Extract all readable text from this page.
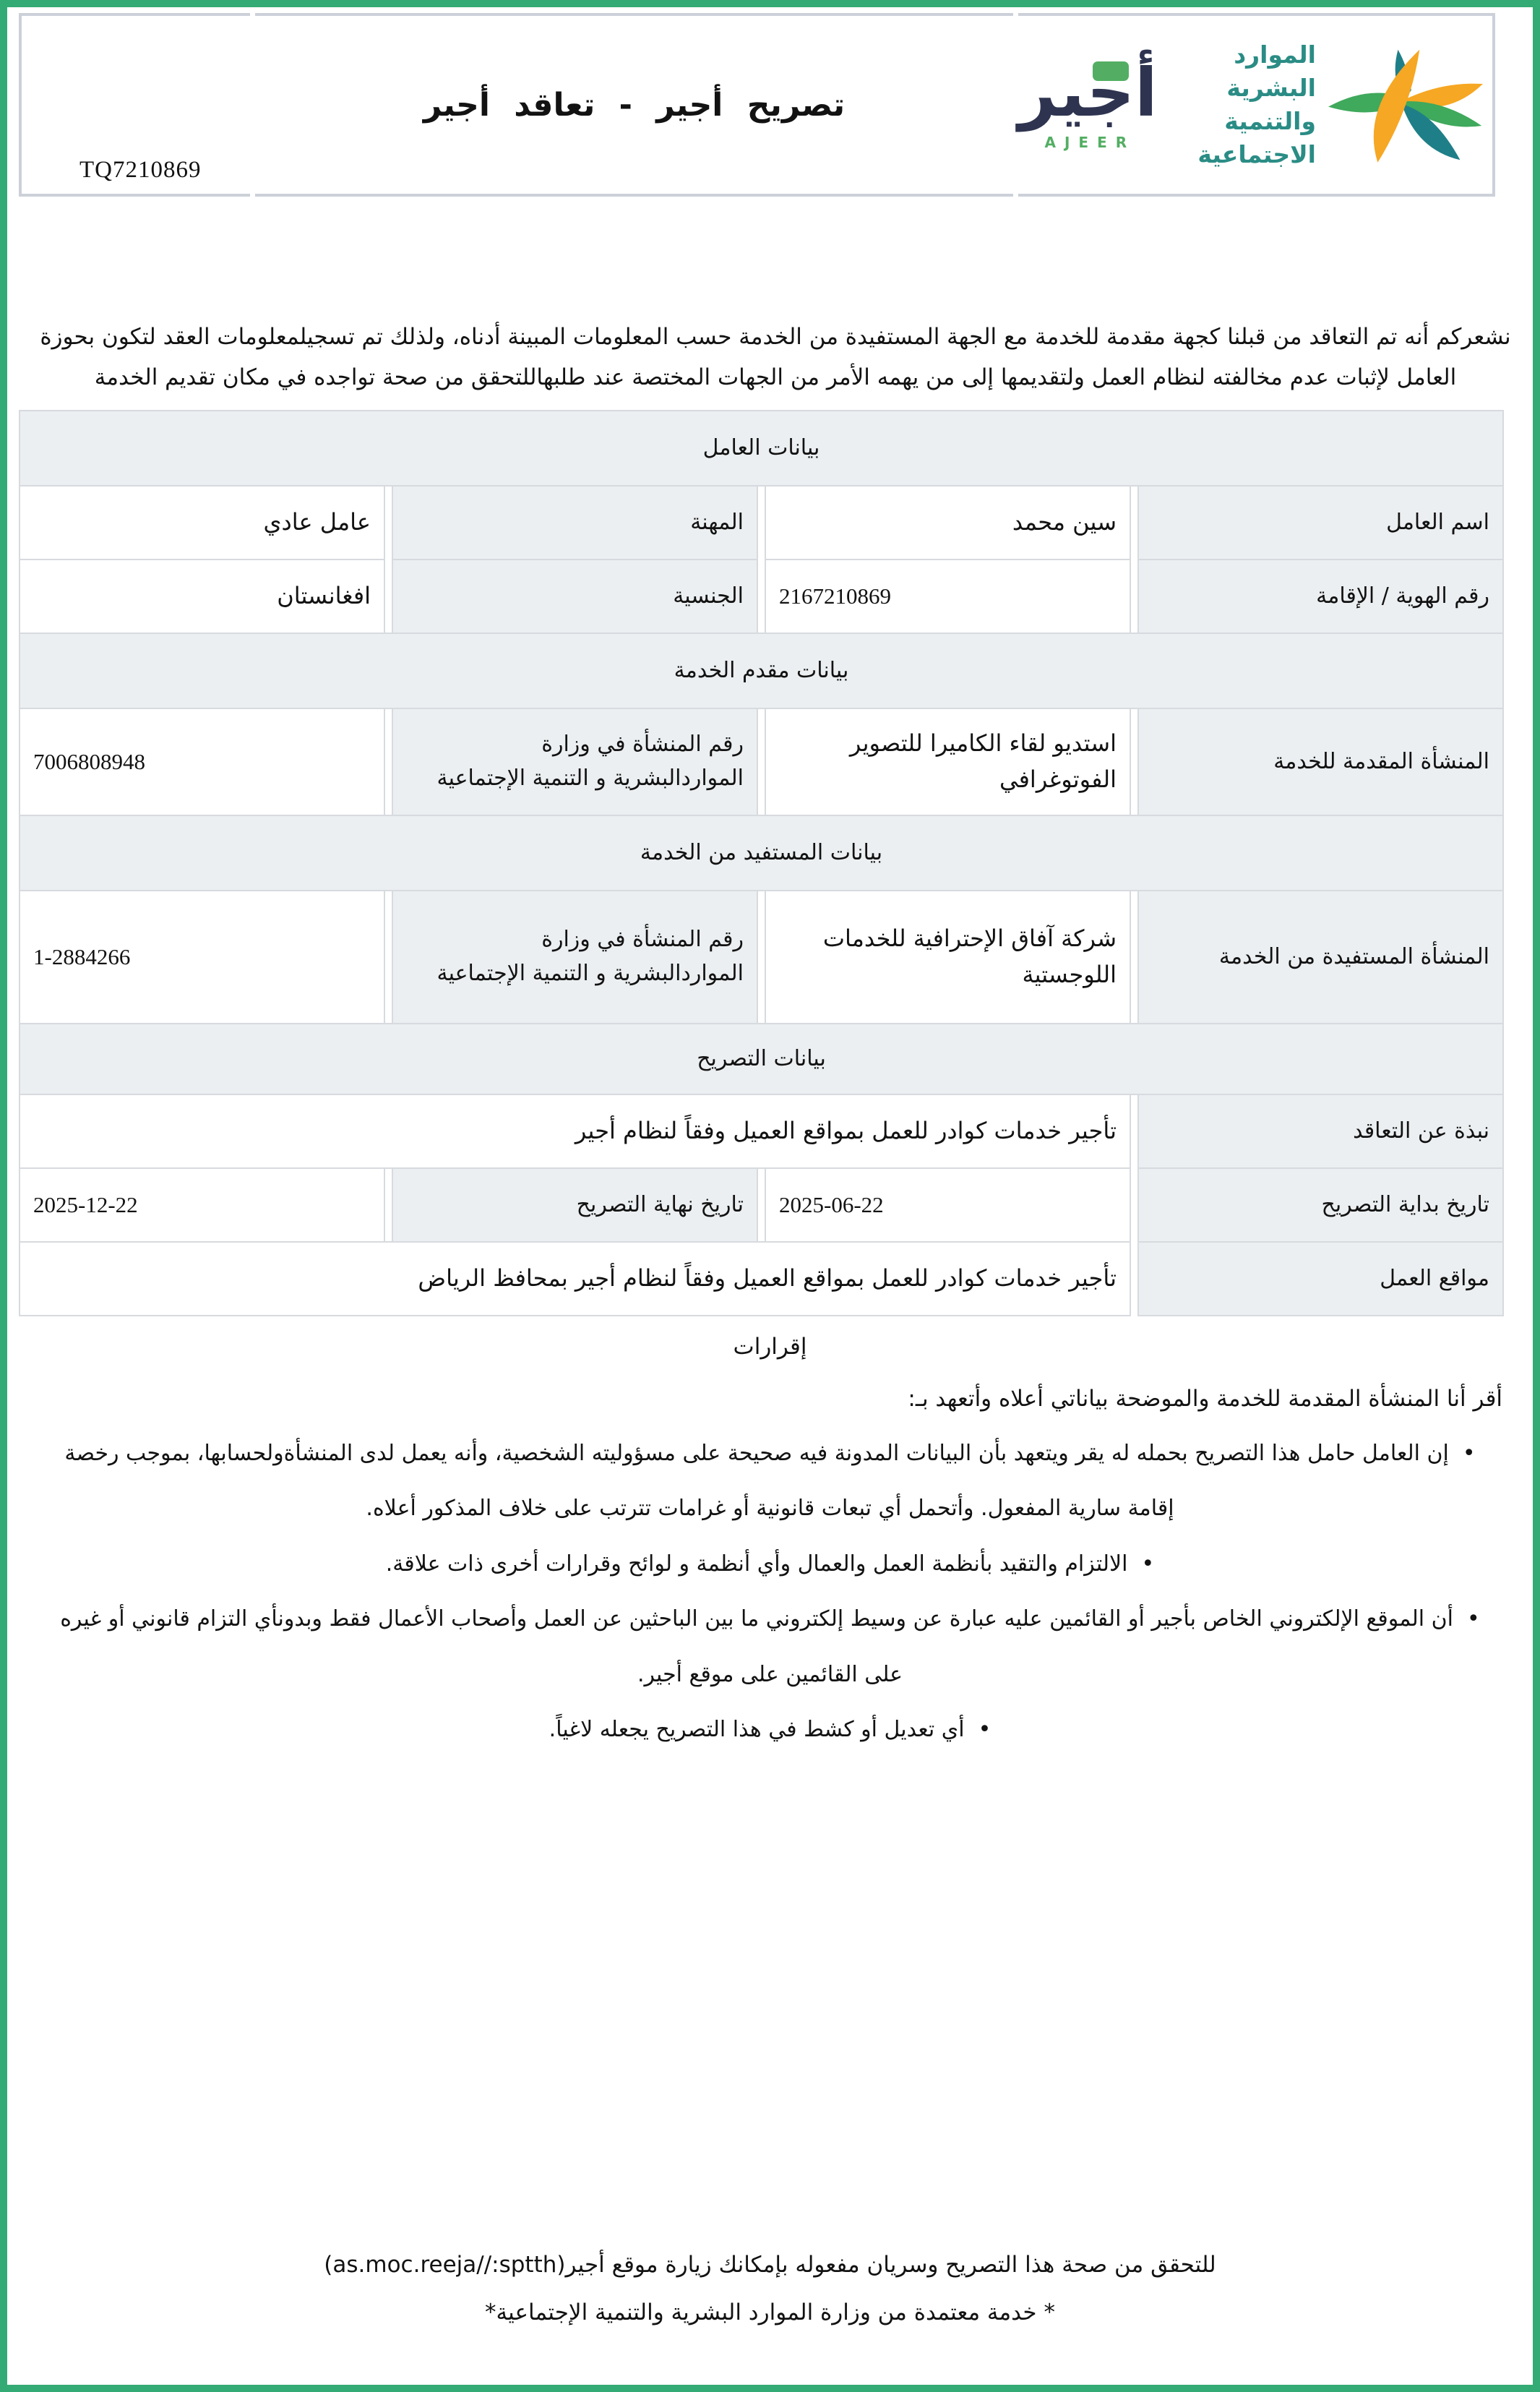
TQ7210869
تصريح أجير - تعاقد أجير	أجير
AJEER
الموارد البشرية
والتنمية الاجتماعية

نشعركم أنه تم التعاقد من قبلنا كجهة مقدمة للخدمة مع الجهة المستفيدة من الخدمة حسب المعلومات المبينة أدناه، ولذلك تم تسجيلمعلومات العقد لتكون بحوزة العامل لإثبات عدم مخالفته لنظام العمل ولتقديمها إلى من يهمه الأمر من الجهات المختصة عند طلبهاللتحقق من صحة تواجده في مكان تقديم الخدمة

بيانات العامل
اسم العامل
سين محمد
المهنة
عامل عادي
رقم الهوية / الإقامة
2167210869
الجنسية
افغانستان
بيانات مقدم الخدمة
المنشأة المقدمة للخدمة
استديو لقاء الكاميرا للتصوير الفوتوغرافي
رقم المنشأة في وزارة المواردالبشرية و التنمية الإجتماعية
7006808948
بيانات المستفيد من الخدمة
المنشأة المستفيدة من الخدمة
شركة آفاق الإحترافية للخدمات اللوجستية
رقم المنشأة في وزارة المواردالبشرية و التنمية الإجتماعية
1-2884266
بيانات التصريح
نبذة عن التعاقد
تأجير خدمات كوادر للعمل بمواقع العميل وفقاً لنظام أجير
تاريخ بداية التصريح
2025-06-22
تاريخ نهاية التصريح
2025-12-22
مواقع العمل
تأجير خدمات كوادر للعمل بمواقع العميل وفقاً لنظام أجير بمحافظ الرياض
إقرارات

أقر أنا المنشأة المقدمة للخدمة والموضحة بياناتي أعلاه وأتعهد بـ:

•  إن العامل حامل هذا التصريح بحمله له يقر ويتعهد بأن البيانات المدونة فيه صحيحة على مسؤوليته الشخصية، وأنه يعمل لدى المنشأةولحسابها، بموجب رخصة إقامة سارية المفعول. وأتحمل أي تبعات قانونية أو غرامات تترتب على خلاف المذكور أعلاه.
•  الالتزام والتقيد بأنظمة العمل والعمال وأي أنظمة و لوائح وقرارات أخرى ذات علاقة.
•  أن الموقع الإلكتروني الخاص بأجير أو القائمين عليه عبارة عن وسيط إلكتروني ما بين الباحثين عن العمل وأصحاب الأعمال فقط وبدونأي التزام قانوني أو غيره على القائمين على موقع أجير.
•  أي تعديل أو كشط في هذا التصريح يجعله لاغياً.
للتحقق من صحة هذا التصريح وسريان مفعوله بإمكانك زيارة موقع أجير(as.moc.reeja//:sptth)
* خدمة معتمدة من وزارة الموارد البشرية والتنمية الإجتماعية*
